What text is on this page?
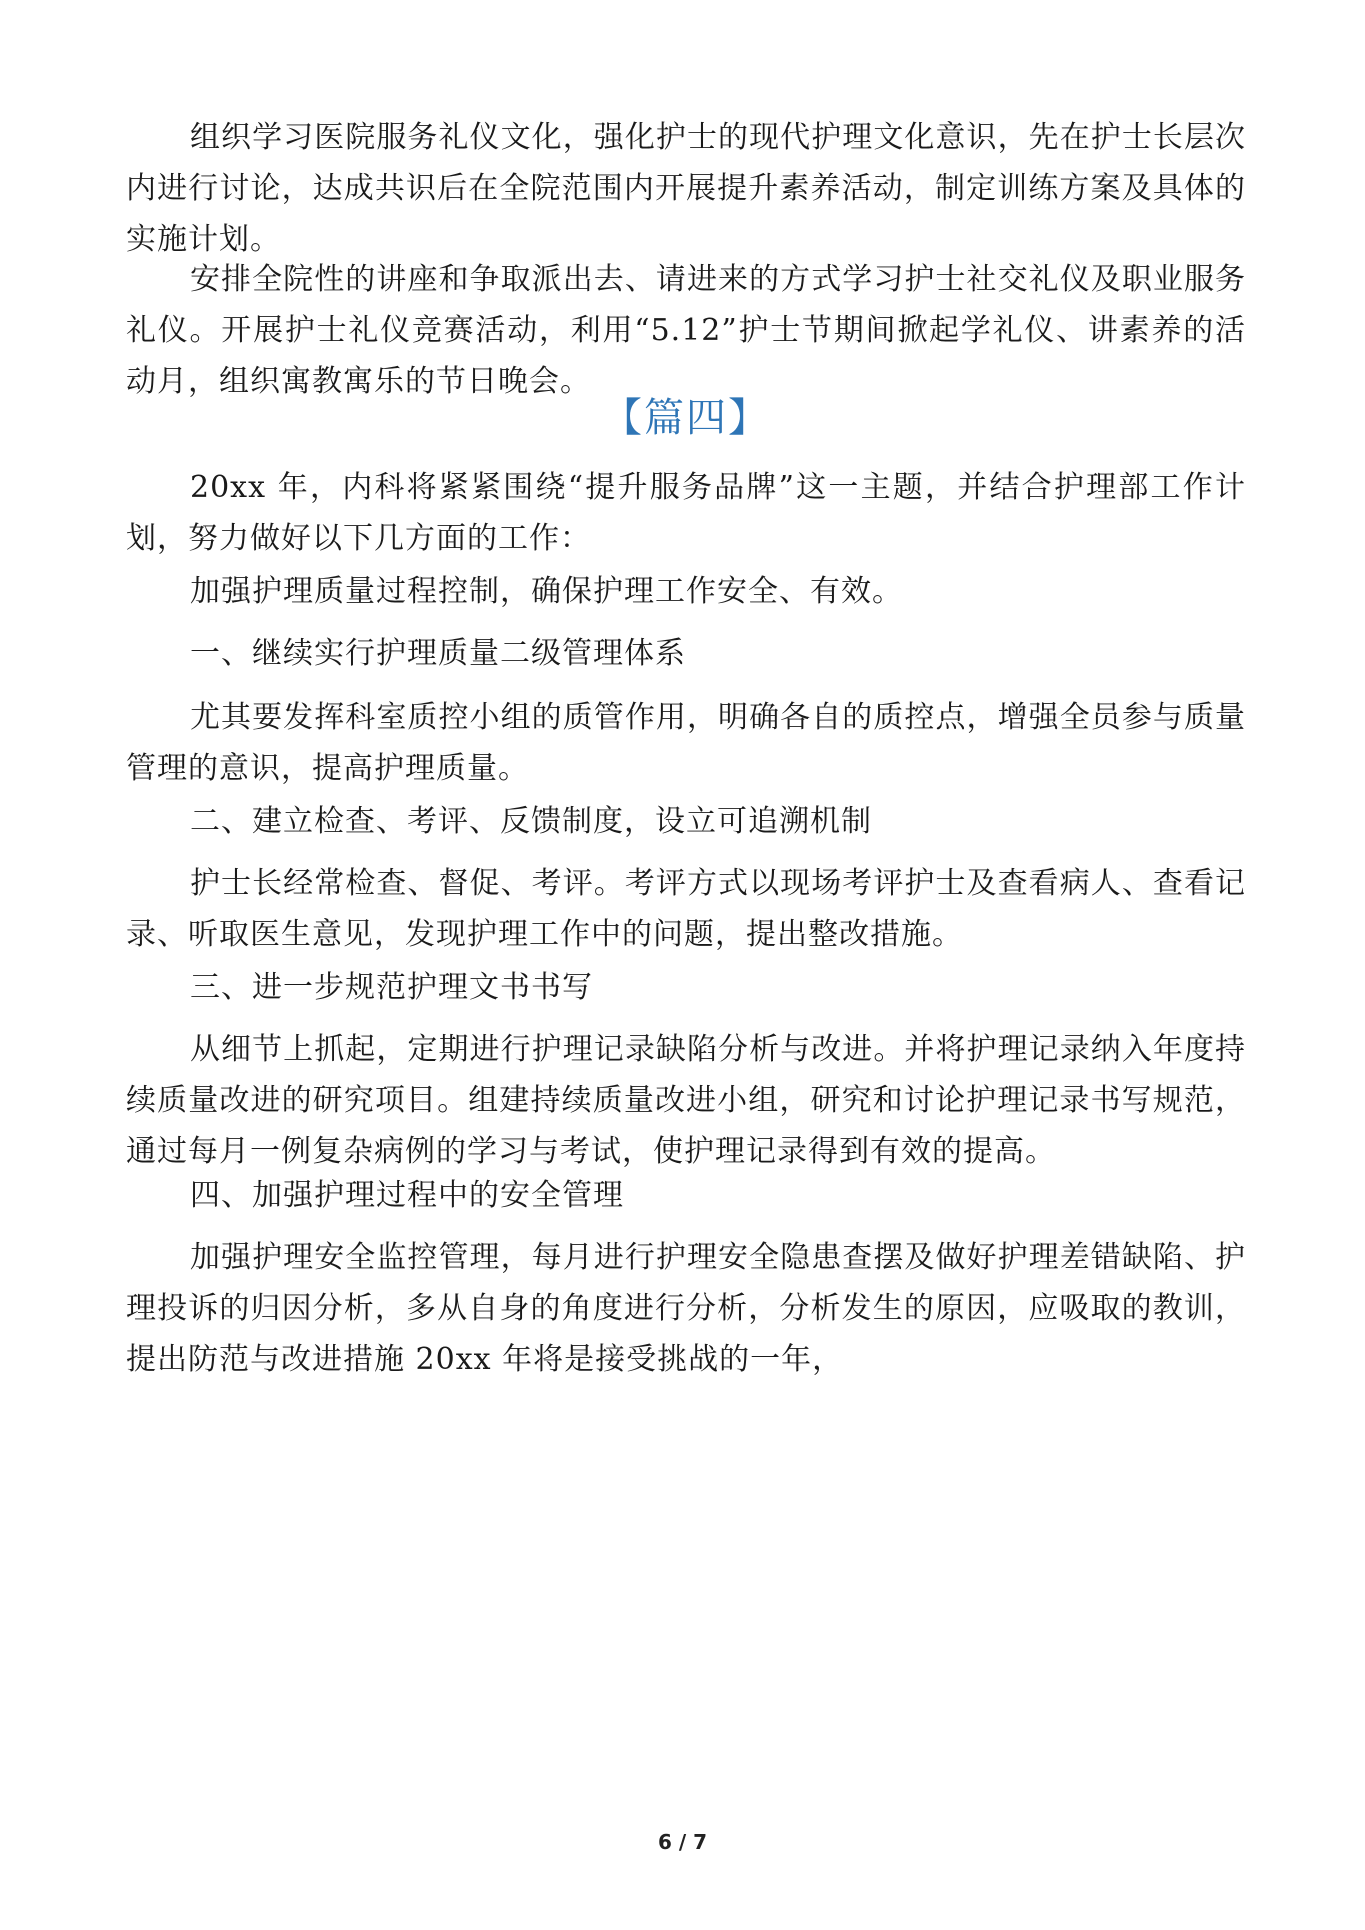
组织学习医院服务礼仪文化，强化护士的现代护理文化意识，先在护士长层次内进行讨论，达成共识后在全院范围内开展提升素养活动，制定训练方案及具体的实施计划。

安排全院性的讲座和争取派出去、请进来的方式学习护士社交礼仪及职业服务礼仪。开展护士礼仪竞赛活动，利用“5.12”护士节期间掀起学礼仪、讲素养的活动月，组织寓教寓乐的节日晚会。

【篇四】

20xx 年，内科将紧紧围绕“提升服务品牌”这一主题，并结合护理部工作计划，努力做好以下几方面的工作：

加强护理质量过程控制，确保护理工作安全、有效。

一、继续实行护理质量二级管理体系

尤其要发挥科室质控小组的质管作用，明确各自的质控点，增强全员参与质量管理的意识，提高护理质量。

二、建立检查、考评、反馈制度，设立可追溯机制

护士长经常检查、督促、考评。考评方式以现场考评护士及查看病人、查看记录、听取医生意见，发现护理工作中的问题，提出整改措施。

三、进一步规范护理文书书写

从细节上抓起，定期进行护理记录缺陷分析与改进。并将护理记录纳入年度持续质量改进的研究项目。组建持续质量改进小组，研究和讨论护理记录书写规范，通过每月一例复杂病例的学习与考试，使护理记录得到有效的提高。

四、加强护理过程中的安全管理

加强护理安全监控管理，每月进行护理安全隐患查摆及做好护理差错缺陷、护理投诉的归因分析，多从自身的角度进行分析，分析发生的原因，应吸取的教训，提出防范与改进措施 20xx 年将是接受挑战的一年，

6 / 7
